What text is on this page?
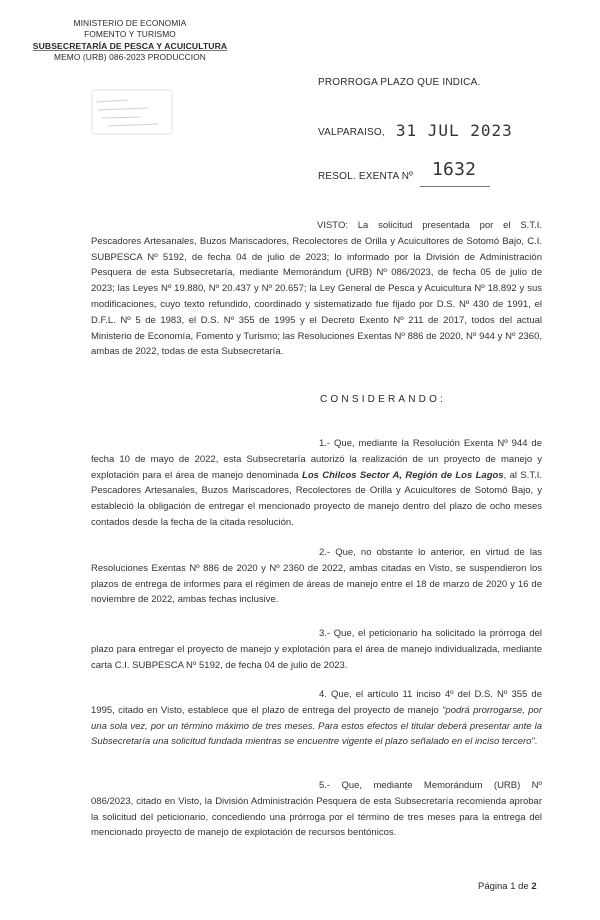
MINISTERIO DE ECONOMIA
FOMENTO Y TURISMO
SUBSECRETARÍA DE PESCA Y ACUICULTURA
MEMO (URB) 086-2023 PRODUCCION
PRORROGA PLAZO QUE INDICA.
VALPARAISO, 31 JUL 2023
RESOL. EXENTA Nº 1632
VISTO: La solicitud presentada por el S.T.I. Pescadores Artesanales, Buzos Mariscadores, Recolectores de Orilla y Acuicultores de Sotomó Bajo, C.I. SUBPESCA Nº 5192, de fecha 04 de julio de 2023; lo informado por la División de Administración Pesquera de esta Subsecretaría, mediante Memorándum (URB) Nº 086/2023, de fecha 05 de julio de 2023; las Leyes Nº 19.880, Nº 20.437 y Nº 20.657; la Ley General de Pesca y Acuicultura Nº 18.892 y sus modificaciones, cuyo texto refundido, coordinado y sistematizado fue fijado por D.S. Nº 430 de 1991, el D.F.L. Nº 5 de 1983, el D.S. Nº 355 de 1995 y el Decreto Exento Nº 211 de 2017, todos del actual Ministerio de Economía, Fomento y Turismo; las Resoluciones Exentas Nº 886 de 2020, Nº 944 y Nº 2360, ambas de 2022, todas de esta Subsecretaría.
CONSIDERANDO:
1.- Que, mediante la Resolución Exenta Nº 944 de fecha 10 de mayo de 2022, esta Subsecretaría autorizó la realización de un proyecto de manejo y explotación para el área de manejo denominada Los Chilcos Sector A, Región de Los Lagos, al S.T.I. Pescadores Artesanales, Buzos Mariscadores, Recolectores de Orilla y Acuicultores de Sotomó Bajo, y estableció la obligación de entregar el mencionado proyecto de manejo dentro del plazo de ocho meses contados desde la fecha de la citada resolución.
2.- Que, no obstante lo anterior, en virtud de las Resoluciones Exentas Nº 886 de 2020 y Nº 2360 de 2022, ambas citadas en Visto, se suspendieron los plazos de entrega de informes para el régimen de áreas de manejo entre el 18 de marzo de 2020 y 16 de noviembre de 2022, ambas fechas inclusive.
3.- Que, el peticionario ha solicitado la prórroga del plazo para entregar el proyecto de manejo y explotación para el área de manejo individualizada, mediante carta C.I. SUBPESCA Nº 5192, de fecha 04 de julio de 2023.
4. Que, el artículo 11 inciso 4º del D.S. Nº 355 de 1995, citado en Visto, establece que el plazo de entrega del proyecto de manejo “podrá prorrogarse, por una sola vez, por un término máximo de tres meses. Para estos efectos el titular deberá presentar ante la Subsecretaría una solicitud fundada mientras se encuentre vigente el plazo señalado en el inciso tercero”.
5.- Que, mediante Memorándum (URB) Nº 086/2023, citado en Visto, la División Administración Pesquera de esta Subsecretaría recomienda aprobar la solicitud del peticionario, concediendo una prórroga por el término de tres meses para la entrega del mencionado proyecto de manejo de explotación de recursos bentónicos.
Página 1 de 2
